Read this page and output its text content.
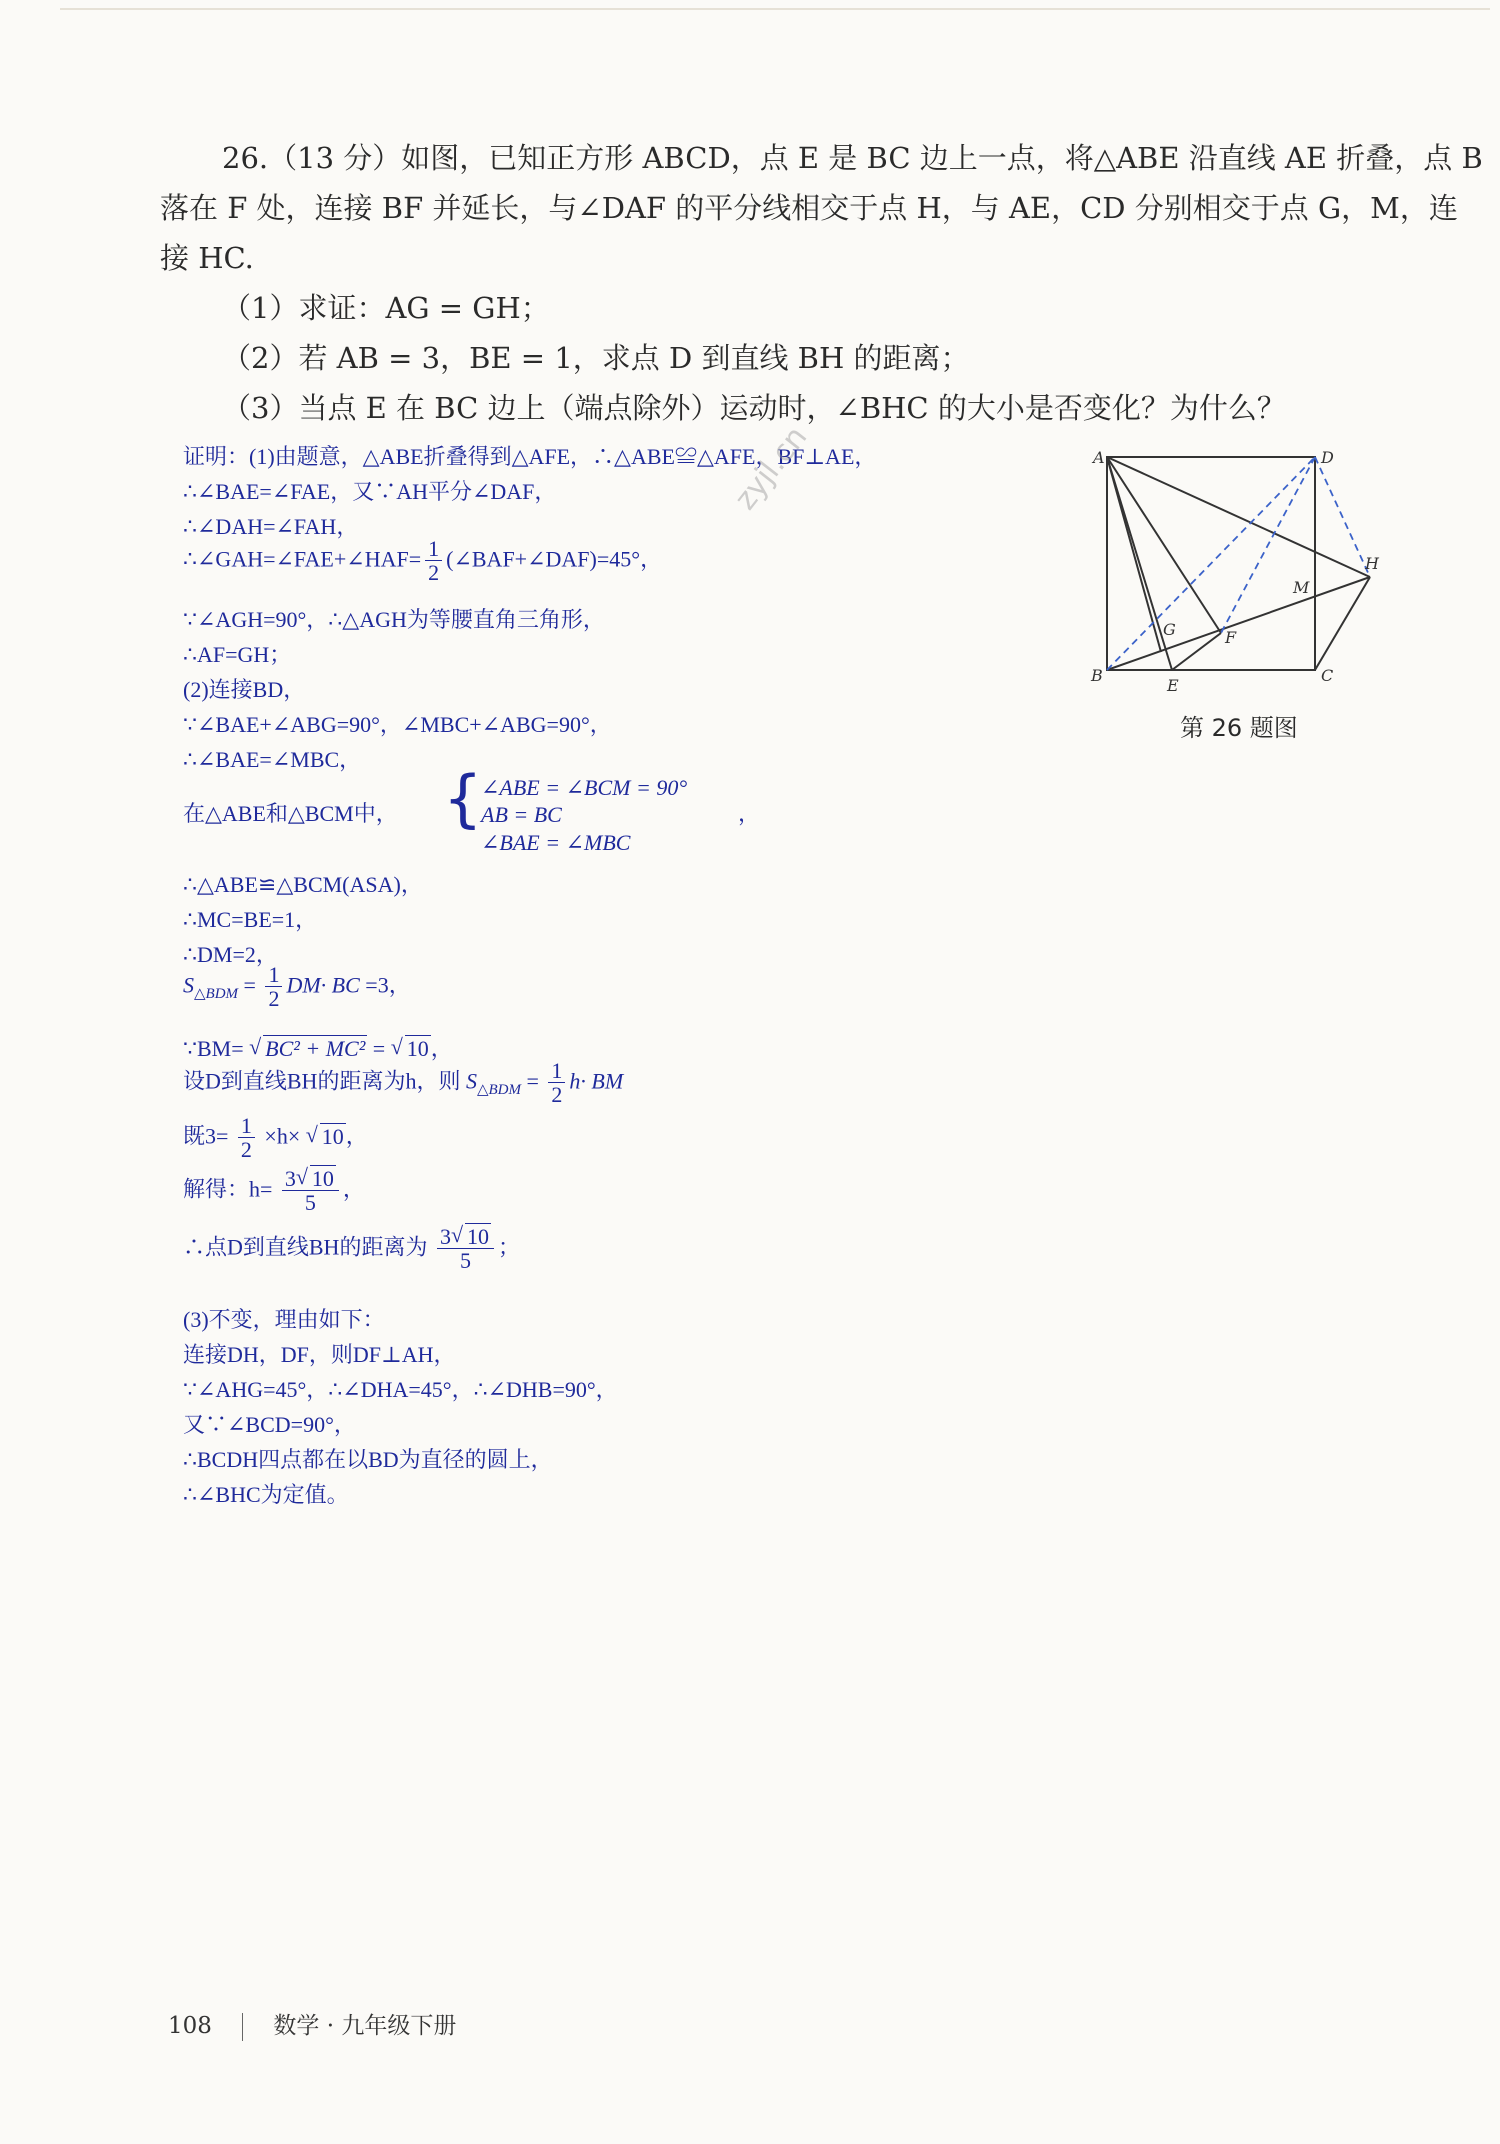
26.（13 分）如图，已知正方形 ABCD，点 E 是 BC 边上一点，将△ABE 沿直线 AE 折叠，点 B
落在 F 处，连接 BF 并延长，与∠DAF 的平分线相交于点 H，与 AE，CD 分别相交于点 G，M，连
接 HC.
（1）求证：AG = GH；
（2）若 AB = 3，BE = 1，求点 D 到直线 BH 的距离；
（3）当点 E 在 BC 边上（端点除外）运动时，∠BHC 的大小是否变化？为什么？
证明：(1)由题意，△ABE折叠得到△AFE，∴△ABE≌△AFE，BF⊥AE，
∴∠BAE=∠FAE，又∵AH平分∠DAF，
∴∠DAH=∠FAH，
∴∠GAH=∠FAE+∠HAF= $\frac{1}{2}$ (∠BAF+∠DAF)=45°，
∵∠AGH=90°，∴△AGH为等腰直角三角形，
∴AF=GH；
(2)连接BD，
∵∠BAE+∠ABG=90°，∠MBC+∠ABG=90°，
∴∠BAE=∠MBC，
在△ABE和△BCM中， {
∠ABE = ∠BCM = 90°
AB = BC
∠BAE = ∠MBC
，
∴△ABE≌△BCM(ASA)，
∴MC=BE=1，
∴DM=2，
$S_{\triangle BDM} = \frac{1}{2} DM\cdot$ BC =3，
∵BM= √ BC² + MC² = √ 10，
设D到直线BH的距离为h，则 $S_{\triangle BDM} = \frac{1}{2} h\cdot$ BM
既$3= \frac{1}{2} \times h\times$ √ 10，
解得：$h= \frac{3 √ 10}{5}$ ，
∴点D到直线BH的距离为 $\frac{3 √ 10}{5}$ ；
(3)不变，理由如下：
连接DH，DF，则DF⊥AH，
∵∠AHG=45°，∴∠DHA=45°，∴∠DHB=90°，
又∵∠BCD=90°，
∴BCDH四点都在以BD为直径的圆上，
∴∠BHC为定值。
zyjl.cn	A	D
B	C
E
F
G
H
M
第 26 题图
108	数学 · 九年级下册
